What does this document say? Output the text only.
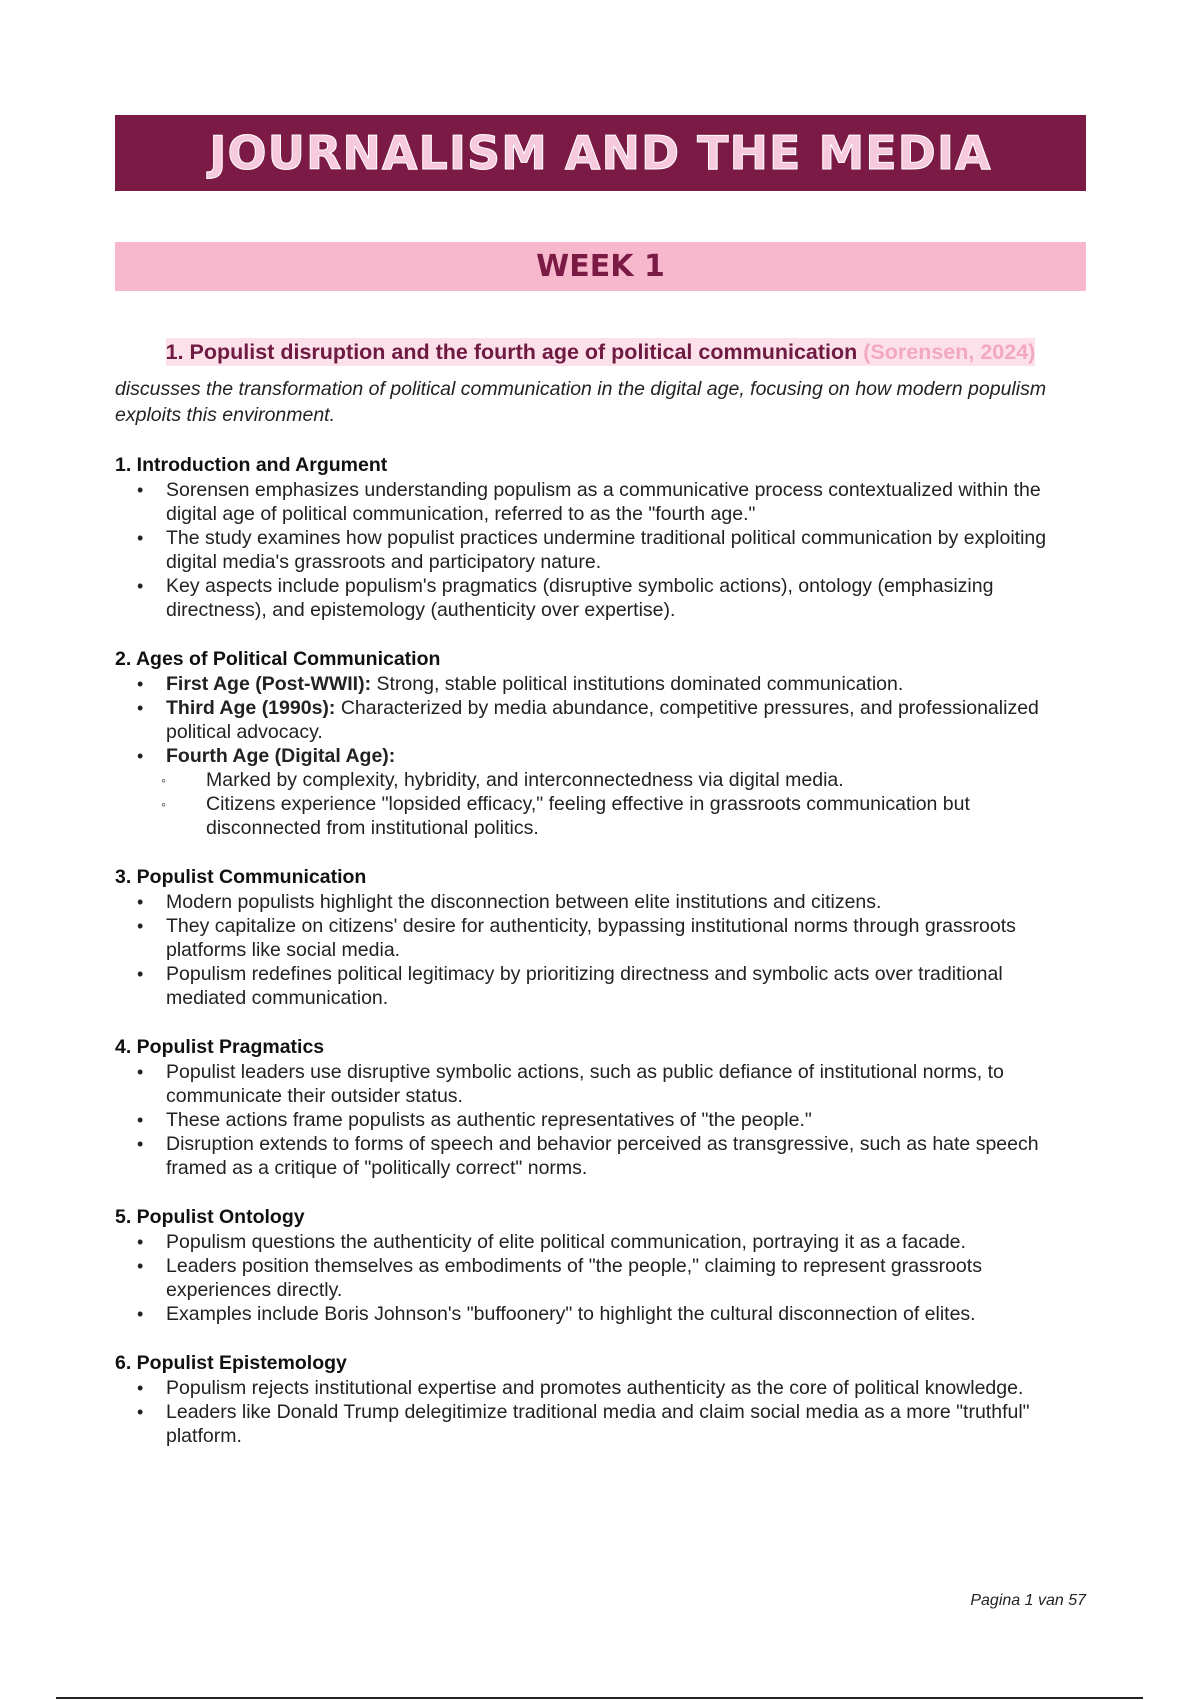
JOURNALISM AND THE MEDIA
WEEK 1
1. Populist disruption and the fourth age of political communication (Sorensen, 2024)
discusses the transformation of political communication in the digital age, focusing on how modern populism exploits this environment.
1. Introduction and Argument
• Sorensen emphasizes understanding populism as a communicative process contextualized within the digital age of political communication, referred to as the "fourth age."
• The study examines how populist practices undermine traditional political communication by exploiting digital media's grassroots and participatory nature.
• Key aspects include populism's pragmatics (disruptive symbolic actions), ontology (emphasizing directness), and epistemology (authenticity over expertise).
2. Ages of Political Communication
• First Age (Post-WWII): Strong, stable political institutions dominated communication.
• Third Age (1990s): Characterized by media abundance, competitive pressures, and professionalized political advocacy.
• Fourth Age (Digital Age):
◦ Marked by complexity, hybridity, and interconnectedness via digital media.
◦ Citizens experience "lopsided efficacy," feeling effective in grassroots communication but disconnected from institutional politics.
3. Populist Communication
• Modern populists highlight the disconnection between elite institutions and citizens.
• They capitalize on citizens' desire for authenticity, bypassing institutional norms through grassroots platforms like social media.
• Populism redefines political legitimacy by prioritizing directness and symbolic acts over traditional mediated communication.
4. Populist Pragmatics
• Populist leaders use disruptive symbolic actions, such as public defiance of institutional norms, to communicate their outsider status.
• These actions frame populists as authentic representatives of "the people."
• Disruption extends to forms of speech and behavior perceived as transgressive, such as hate speech framed as a critique of "politically correct" norms.
5. Populist Ontology
• Populism questions the authenticity of elite political communication, portraying it as a facade.
• Leaders position themselves as embodiments of "the people," claiming to represent grassroots experiences directly.
• Examples include Boris Johnson's "buffoonery" to highlight the cultural disconnection of elites.
6. Populist Epistemology
• Populism rejects institutional expertise and promotes authenticity as the core of political knowledge.
• Leaders like Donald Trump delegitimize traditional media and claim social media as a more "truthful" platform.
Pagina 1 van 57
